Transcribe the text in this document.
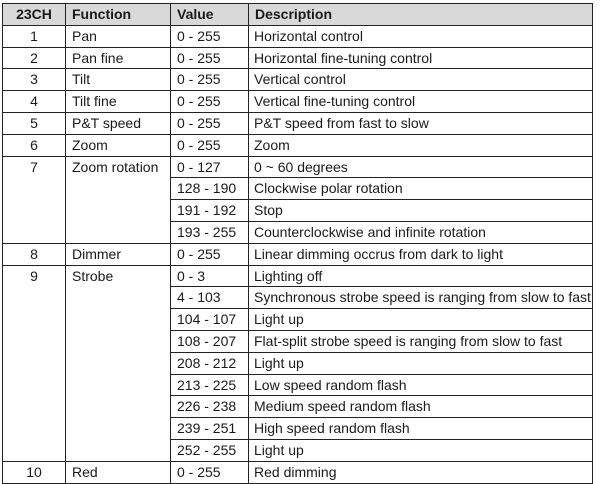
23CH	Function	Value	Description
1	Pan	0 - 255	Horizontal control
2	Pan fine	0 - 255	Horizontal fine-tuning control
3	Tilt	0 - 255	Vertical control
4	Tilt fine	0 - 255	Vertical fine-tuning control
5	P&T speed	0 - 255	P&T speed from fast to slow
6	Zoom	0 - 255	Zoom
7	Zoom rotation	0 - 127	0 ~ 60 degrees
		128 - 190	Clockwise polar rotation
		191 - 192	Stop
		193 - 255	Counterclockwise and infinite rotation
8	Dimmer	0 - 255	Linear dimming occrus from dark to light
9	Strobe	0 - 3	Lighting off
		4 - 103	Synchronous strobe speed is ranging from slow to fast
		104 - 107	Light up
		108 - 207	Flat-split strobe speed is ranging from slow to fast
		208 - 212	Light up
		213 - 225	Low speed random flash
		226 - 238	Medium speed random flash
		239 - 251	High speed random flash
		252 - 255	Light up
10	Red	0 - 255	Red dimming
